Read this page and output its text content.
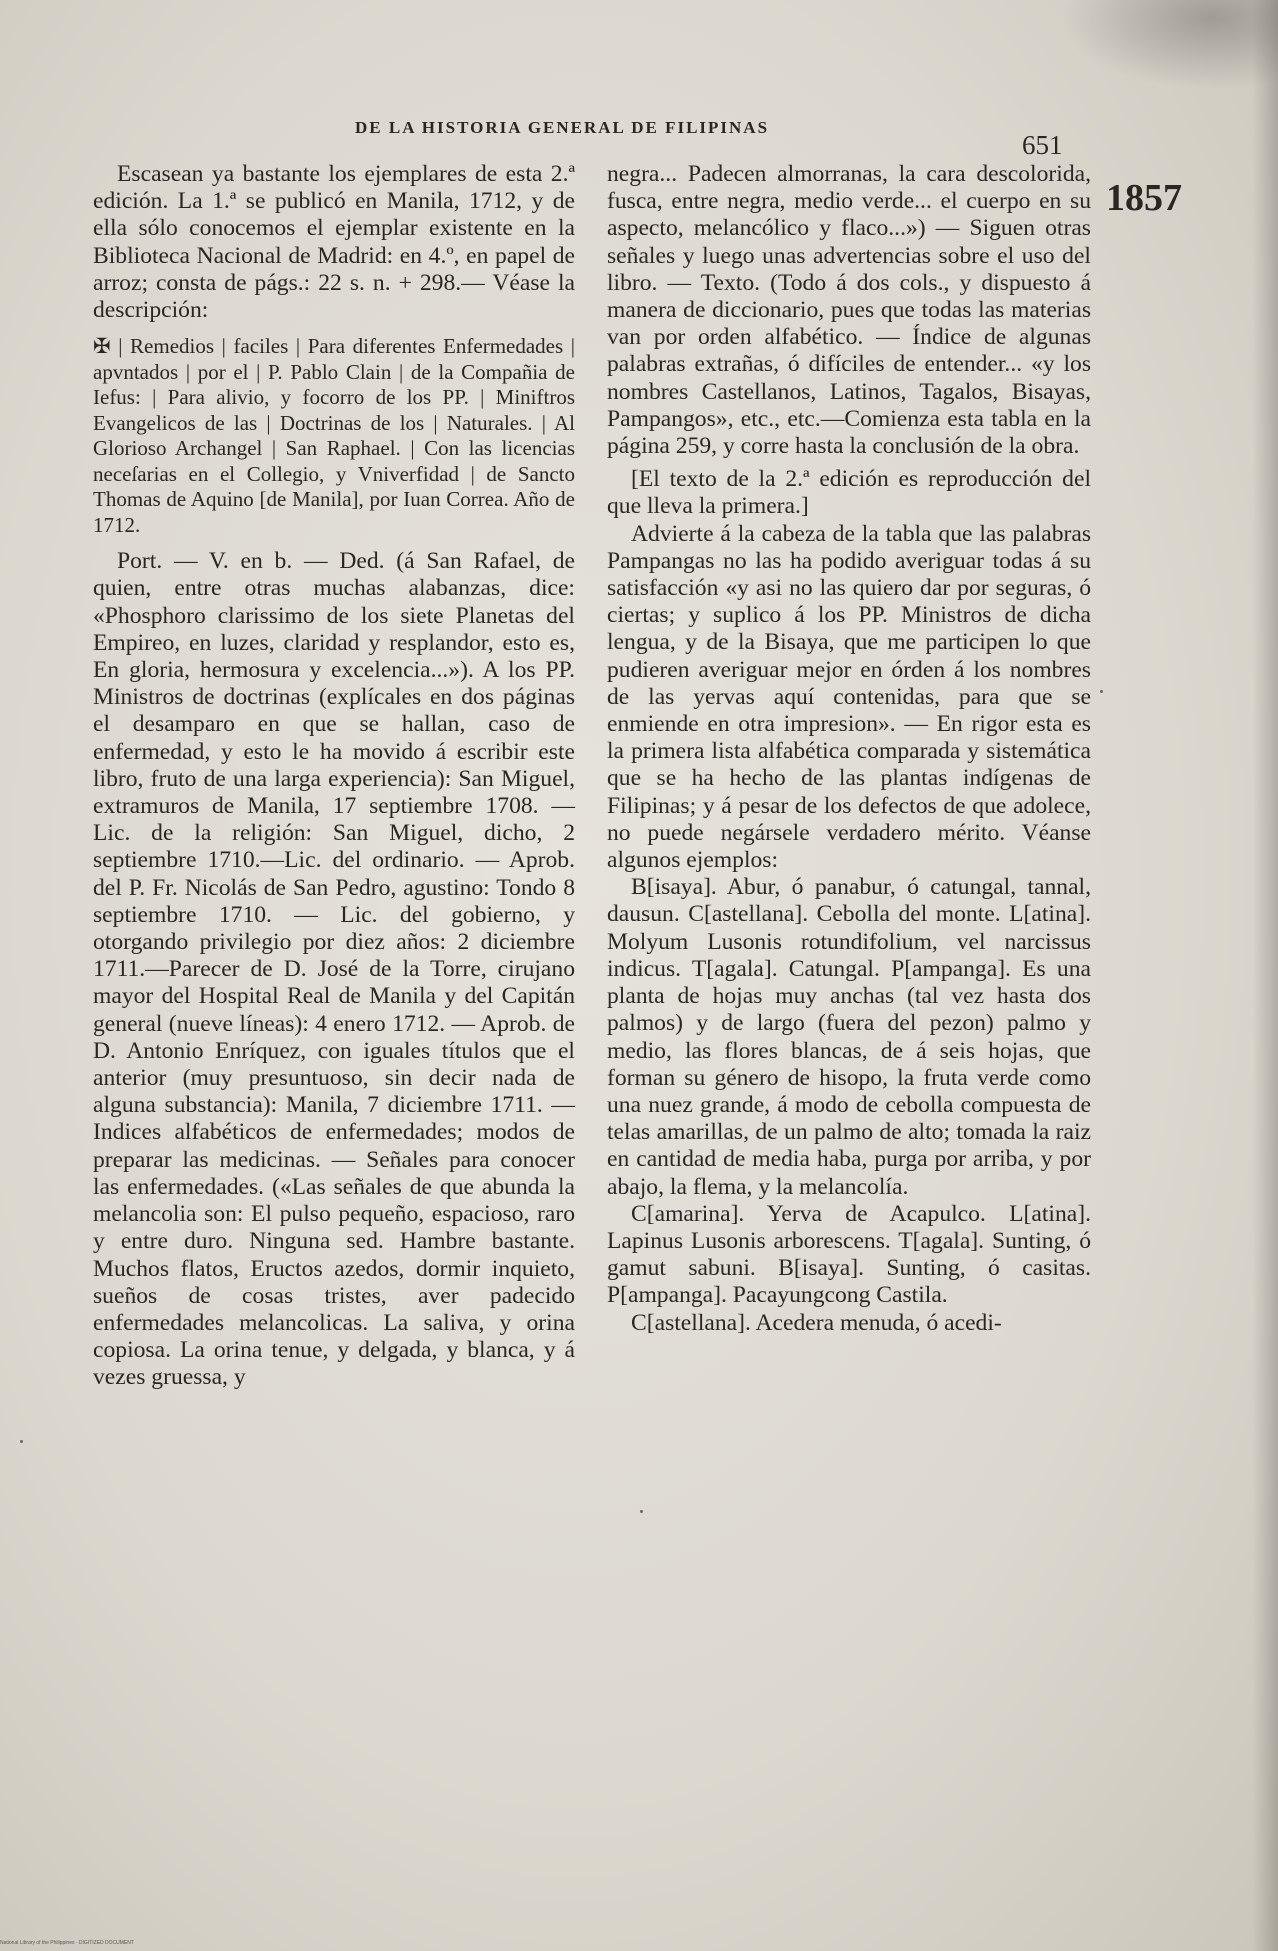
DE LA HISTORIA GENERAL DE FILIPINAS
651
1857

Escasean ya bastante los ejemplares de esta 2.ª edición. La 1.ª se publicó en Manila, 1712, y de ella sólo conocemos el ejemplar existente en la Biblioteca Nacional de Madrid: en 4.º, en papel de arroz; consta de págs.: 22 s. n. + 298.— Véase la descripción:

✠ | Remedios | faciles | Para diferentes Enfermedades | apvntados | por el | P. Pablo Clain | de la Compañia de Iefus: | Para alivio, y focorro de los PP. | Miniftros Evangelicos de las | Doctrinas de los | Naturales. | Al Glorioso Archangel | San Raphael. | Con las licencias neceſarias en el Collegio, y Vniverfidad | de Sancto Thomas de Aquino [de Manila], por Iuan Correa. Año de 1712.

Port. — V. en b. — Ded. (á San Rafael, de quien, entre otras muchas alabanzas, dice: «Phosphoro clarissimo de los siete Planetas del Empireo, en luzes, claridad y resplandor, esto es, En gloria, hermosura y excelencia...»). A los PP. Ministros de doctrinas (explícales en dos páginas el desamparo en que se hallan, caso de enfermedad, y esto le ha movido á escribir este libro, fruto de una larga experiencia): San Miguel, extramuros de Manila, 17 septiembre 1708. — Lic. de la religión: San Miguel, dicho, 2 septiembre 1710.—Lic. del ordinario. — Aprob. del P. Fr. Nicolás de San Pedro, agustino: Tondo 8 septiembre 1710. — Lic. del gobierno, y otorgando privilegio por diez años: 2 diciembre 1711.—Parecer de D. José de la Torre, cirujano mayor del Hospital Real de Manila y del Capitán general (nueve líneas): 4 enero 1712. — Aprob. de D. Antonio Enríquez, con iguales títulos que el anterior (muy presuntuoso, sin decir nada de alguna substancia): Manila, 7 diciembre 1711. — Indices alfabéticos de enfermedades; modos de preparar las medicinas. — Señales para conocer las enfermedades. («Las señales de que abunda la melancolia son: El pulso pequeño, espacioso, raro y entre duro. Ninguna sed. Hambre bastante. Muchos flatos, Eructos azedos, dormir inquieto, sueños de cosas tristes, aver padecido enfermedades melancolicas. La saliva, y orina copiosa. La orina tenue, y delgada, y blanca, y á vezes gruessa, y

negra... Padecen almorranas, la cara descolorida, fusca, entre negra, medio verde... el cuerpo en su aspecto, melancólico y flaco...») — Siguen otras señales y luego unas advertencias sobre el uso del libro. — Texto. (Todo á dos cols., y dispuesto á manera de diccionario, pues que todas las materias van por orden alfabético. — Índice de algunas palabras extrañas, ó difíciles de entender... «y los nombres Castellanos, Latinos, Tagalos, Bisayas, Pampangos», etc., etc.—Comienza esta tabla en la página 259, y corre hasta la conclusión de la obra.

[El texto de la 2.ª edición es reproducción del que lleva la primera.]

Advierte á la cabeza de la tabla que las palabras Pampangas no las ha podido averiguar todas á su satisfacción «y asi no las quiero dar por seguras, ó ciertas; y suplico á los PP. Ministros de dicha lengua, y de la Bisaya, que me participen lo que pudieren averiguar mejor en órden á los nombres de las yervas aquí contenidas, para que se enmiende en otra impresion». — En rigor esta es la primera lista alfabética comparada y sistemática que se ha hecho de las plantas indígenas de Filipinas; y á pesar de los defectos de que adolece, no puede negársele verdadero mérito. Véanse algunos ejemplos:

B[isaya]. Abur, ó panabur, ó catungal, tannal, dausun. C[astellana]. Cebolla del monte. L[atina]. Molyum Lusonis rotundifolium, vel narcissus indicus. T[agala]. Catungal. P[ampanga]. Es una planta de hojas muy anchas (tal vez hasta dos palmos) y de largo (fuera del pezon) palmo y medio, las flores blancas, de á seis hojas, que forman su género de hisopo, la fruta verde como una nuez grande, á modo de cebolla compuesta de telas amarillas, de un palmo de alto; tomada la raiz en cantidad de media haba, purga por arriba, y por abajo, la flema, y la melancolía.

C[amarina]. Yerva de Acapulco. L[atina]. Lapinus Lusonis arborescens. T[agala]. Sunting, ó gamut sabuni. B[isaya]. Sunting, ó casitas. P[ampanga]. Pacayungcong Castila.

C[astellana]. Acedera menuda, ó acedi-

National Library of the Philippines · DIGITIZED DOCUMENT
